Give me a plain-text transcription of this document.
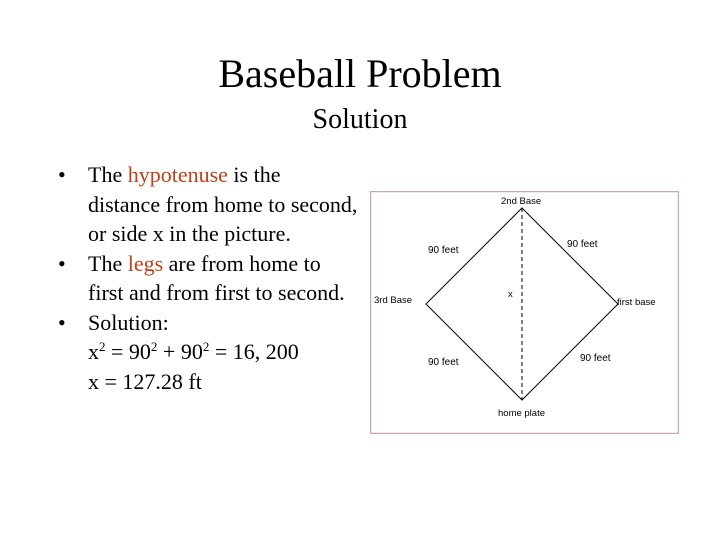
Baseball Problem
Solution
• The hypotenuse is the distance from home to second, or side x in the picture.
• The legs are from home to first and from first to second.
• Solution:
$x^2 = 90^2 + 90^2 = 16$, 200
x = 127.28 ft
2nd Base
3rd Base	first base
home plate
x
90 feet
90 feet
90 feet	90 feet
